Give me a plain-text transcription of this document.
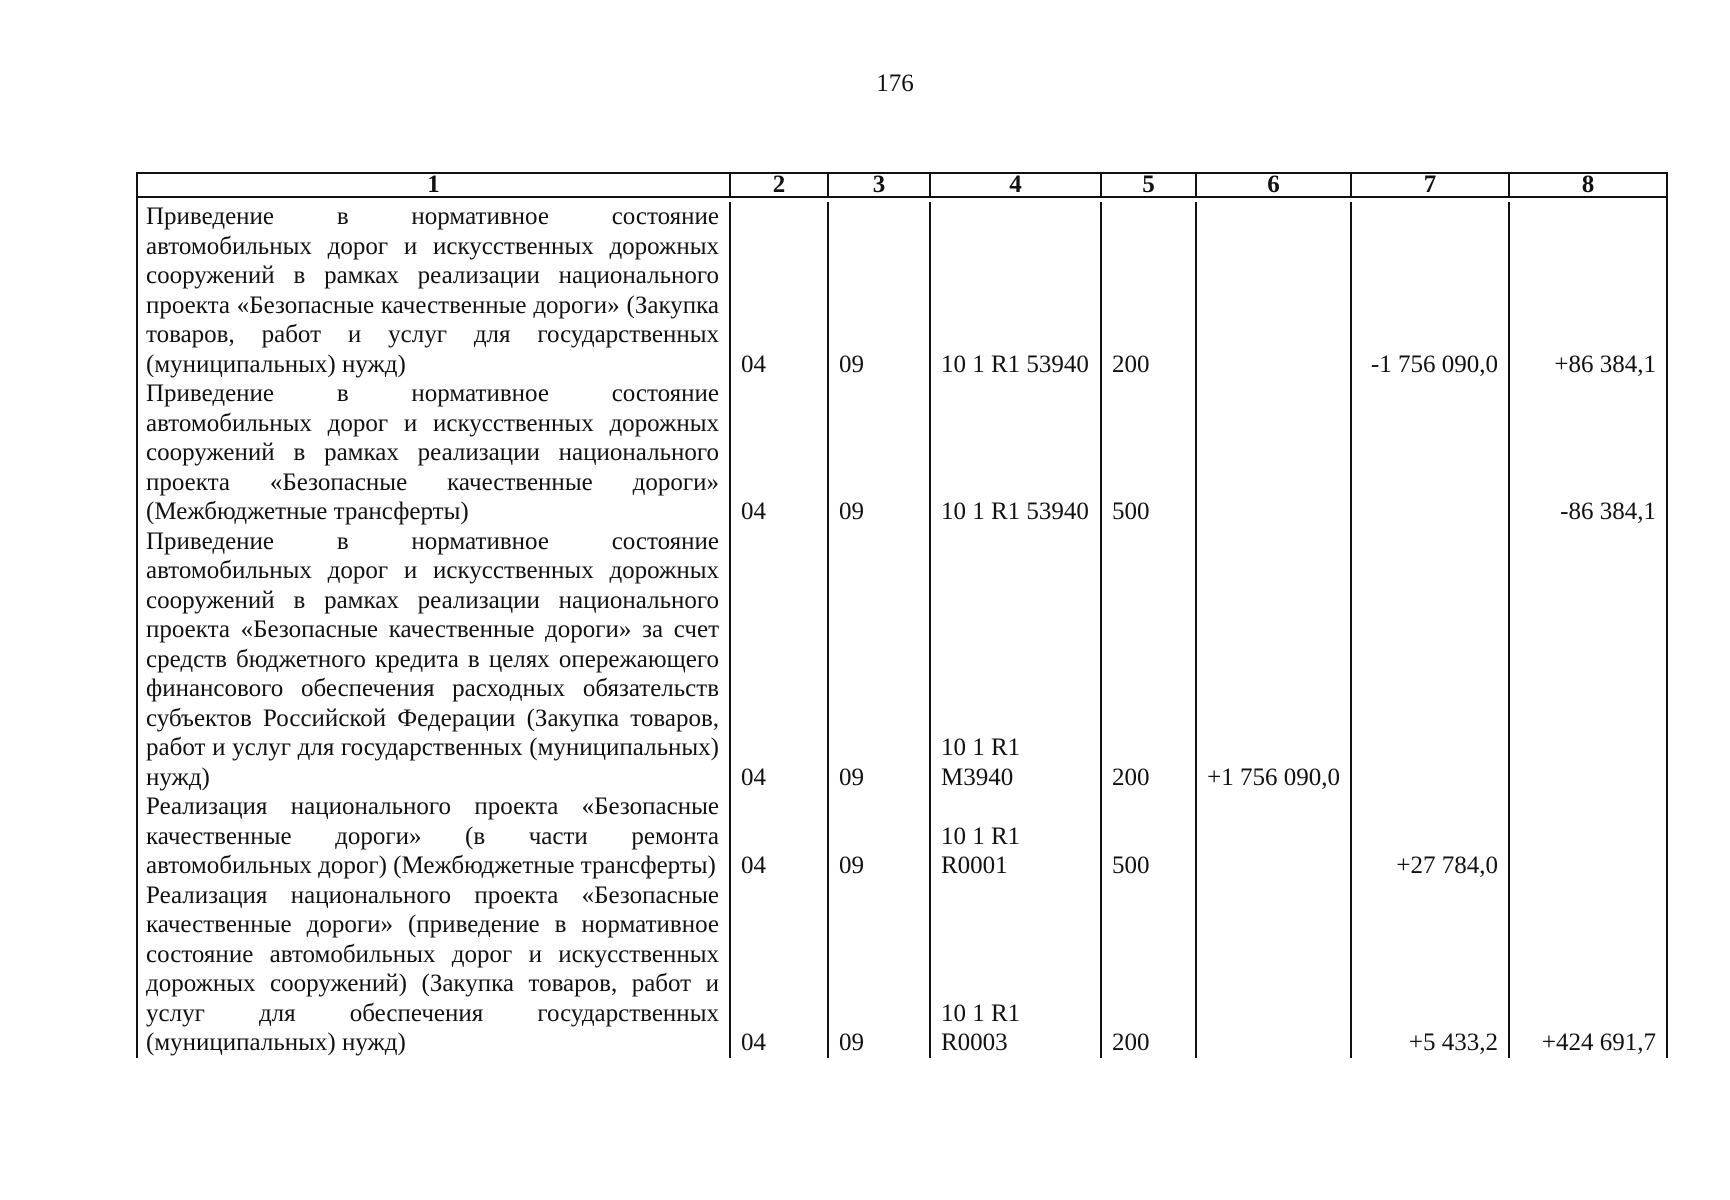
176
1	2	3	4	5	6	7	8

Приведение в нормативное состояние автомобильных дорог и искусственных дорожных сооружений в рамках реализации национального проекта «Безопасные качественные дороги» (Закупка товаров, работ и услуг для государственных (муниципальных) нужд)	04	09	10 1 R1 53940	200		-1 756 090,0	+86 384,1
Приведение в нормативное состояние автомобильных дорог и искусственных дорожных сооружений в рамках реализации национального проекта «Безопасные качественные дороги» (Межбюджетные трансферты)	04	09	10 1 R1 53940	500			-86 384,1
Приведение в нормативное состояние автомобильных дорог и искусственных дорожных сооружений в рамках реализации национального проекта «Безопасные качественные дороги» за счет средств бюджетного кредита в целях опережающего финансового обеспечения расходных обязательств субъектов Российской Федерации (Закупка товаров, работ и услуг для государственных (муниципальных) нужд)	04	09	10 1 R1 M3940	200	+1 756 090,0		
Реализация национального проекта «Безопасные качественные дороги» (в части ремонта автомобильных дорог) (Межбюджетные трансферты)	04	09	10 1 R1 R0001	500		+27 784,0	
Реализация национального проекта «Безопасные качественные дороги» (приведение в нормативное состояние автомобильных дорог и искусственных дорожных сооружений) (Закупка товаров, работ и услуг для обеспечения государственных (муниципальных) нужд)	04	09	10 1 R1 R0003	200		+5 433,2	+424 691,7
